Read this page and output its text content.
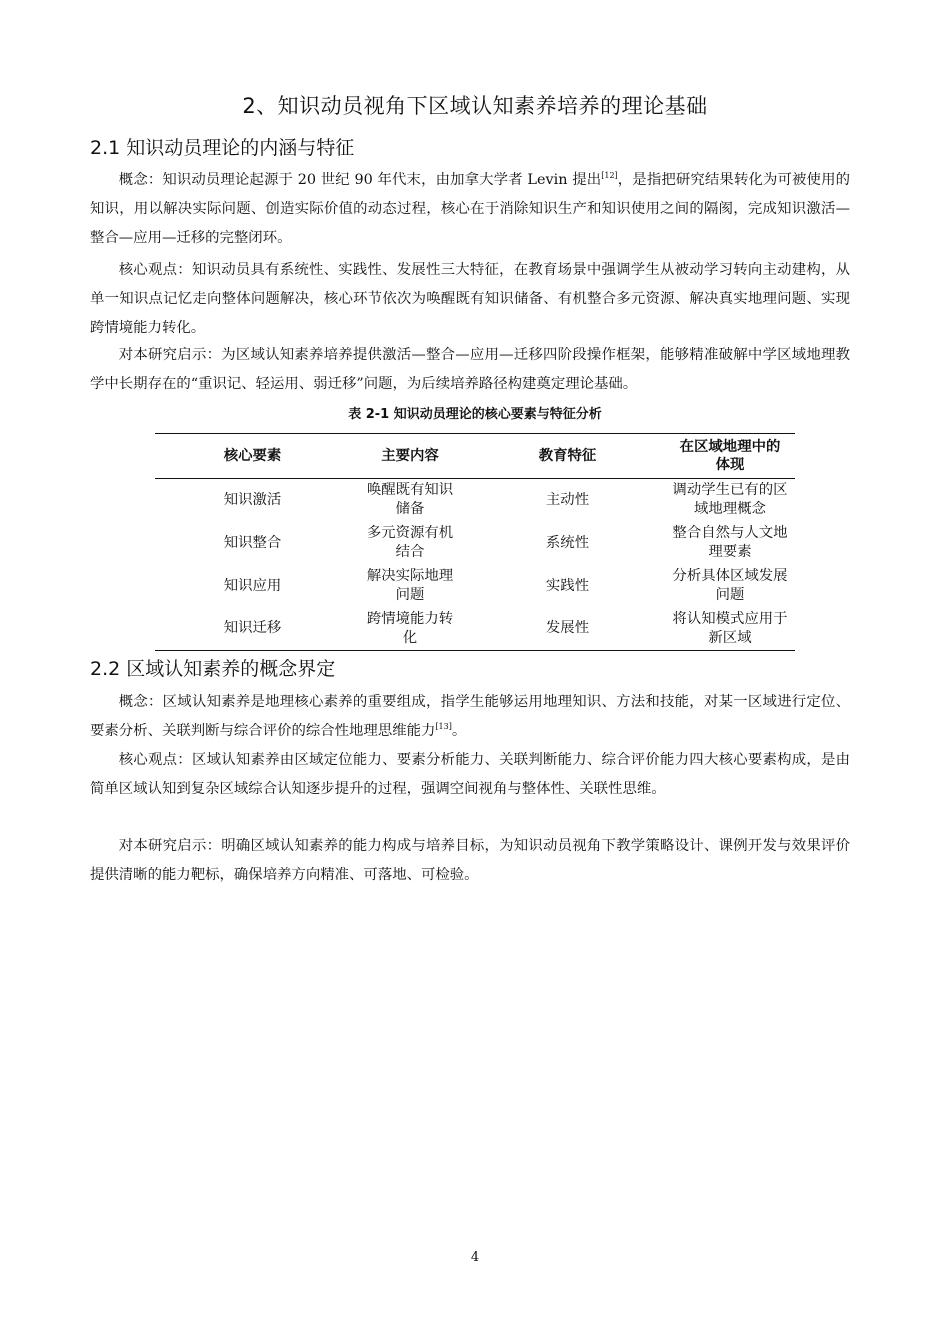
2、知识动员视角下区域认知素养培养的理论基础
2.1 知识动员理论的内涵与特征

概念：知识动员理论起源于 20 世纪 90 年代末，由加拿大学者 Levin 提出[12]，是指把研究结果转化为可被使用的知识，用以解决实际问题、创造实际价值的动态过程，核心在于消除知识生产和知识使用之间的隔阂，完成知识激活—整合—应用—迁移的完整闭环。

核心观点：知识动员具有系统性、实践性、发展性三大特征，在教育场景中强调学生从被动学习转向主动建构，从单一知识点记忆走向整体问题解决，核心环节依次为唤醒既有知识储备、有机整合多元资源、解决真实地理问题、实现跨情境能力转化。

对本研究启示：为区域认知素养培养提供激活—整合—应用—迁移四阶段操作框架，能够精准破解中学区域地理教学中长期存在的“重识记、轻运用、弱迁移”问题，为后续培养路径构建奠定理论基础。

表 2-1 知识动员理论的核心要素与特征分析
核心要素	主要内容	教育特征	在区域地理中的体现
知识激活	唤醒既有知识储备	主动性	调动学生已有的区域地理概念
知识整合	多元资源有机结合	系统性	整合自然与人文地理要素
知识应用	解决实际地理问题	实践性	分析具体区域发展问题
知识迁移	跨情境能力转化	发展性	将认知模式应用于新区域
2.2 区域认知素养的概念界定

概念：区域认知素养是地理核心素养的重要组成，指学生能够运用地理知识、方法和技能，对某一区域进行定位、要素分析、关联判断与综合评价的综合性地理思维能力[13]。

核心观点：区域认知素养由区域定位能力、要素分析能力、关联判断能力、综合评价能力四大核心要素构成，是由简单区域认知到复杂区域综合认知逐步提升的过程，强调空间视角与整体性、关联性思维。

对本研究启示：明确区域认知素养的能力构成与培养目标，为知识动员视角下教学策略设计、课例开发与效果评价提供清晰的能力靶标，确保培养方向精准、可落地、可检验。

4
